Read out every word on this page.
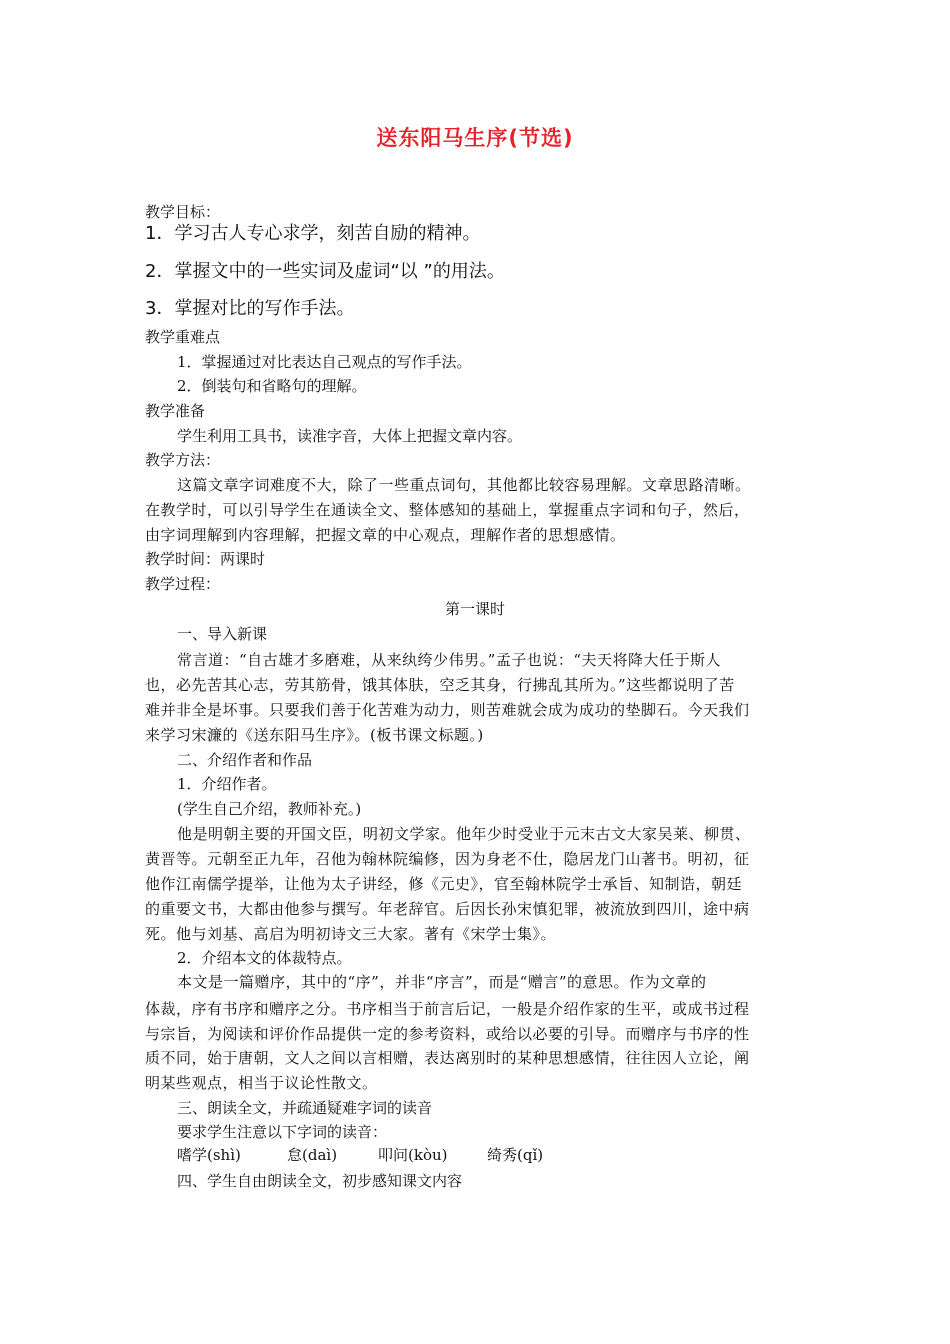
送东阳马生序(节选)
教学目标：
1．学习古人专心求学，刻苦自励的精神。
2．掌握文中的一些实词及虚词“以 ”的用法。
3．掌握对比的写作手法。
教学重难点
1．掌握通过对比表达自己观点的写作手法。
2．倒装句和省略句的理解。
教学准备
学生利用工具书，读准字音，大体上把握文章内容。
教学方法：
这篇文章字词难度不大，除了一些重点词句，其他都比较容易理解。文章思路清晰。
在教学时，可以引导学生在通读全文、整体感知的基础上，掌握重点字词和句子，然后，
由字词理解到内容理解，把握文章的中心观点，理解作者的思想感情。
教学时间：两课时
教学过程：
第一课时
一、导入新课
常言道：“自古雄才多磨难，从来纨绔少伟男。”孟子也说：“夫天将降大任于斯人
也，必先苦其心志，劳其筋骨，饿其体肤，空乏其身，行拂乱其所为。”这些都说明了苦
难并非全是坏事。只要我们善于化苦难为动力，则苦难就会成为成功的垫脚石。今天我们
来学习宋濂的《送东阳马生序》。(板书课文标题。)
二、介绍作者和作品
1．介绍作者。
(学生自己介绍，教师补充。)
他是明朝主要的开国文臣，明初文学家。他年少时受业于元末古文大家吴莱、柳贯、
黄晋等。元朝至正九年，召他为翰林院编修，因为身老不仕，隐居龙门山著书。明初，征
他作江南儒学提举，让他为太子讲经，修《元史》，官至翰林院学士承旨、知制诰，朝廷
的重要文书，大都由他参与撰写。年老辞官。后因长孙宋慎犯罪，被流放到四川，途中病
死。他与刘基、高启为明初诗文三大家。著有《宋学士集》。
2．介绍本文的体裁特点。
本文是一篇赠序，其中的“序”，并非“序言”，而是“赠言”的意思。作为文章的
体裁，序有书序和赠序之分。书序相当于前言后记，一般是介绍作家的生平，或成书过程
与宗旨，为阅读和评价作品提供一定的参考资料，或给以必要的引导。而赠序与书序的性
质不同，始于唐朝，文人之间以言相赠，表达离别时的某种思想感情，往往因人立论，阐
明某些观点，相当于议论性散文。
三、朗读全文，并疏通疑难字词的读音
要求学生注意以下字词的读音：
嗜学(shì)	怠(daì)	叩问(kòu)	绮秀(qǐ)
四、学生自由朗读全文，初步感知课文内容
